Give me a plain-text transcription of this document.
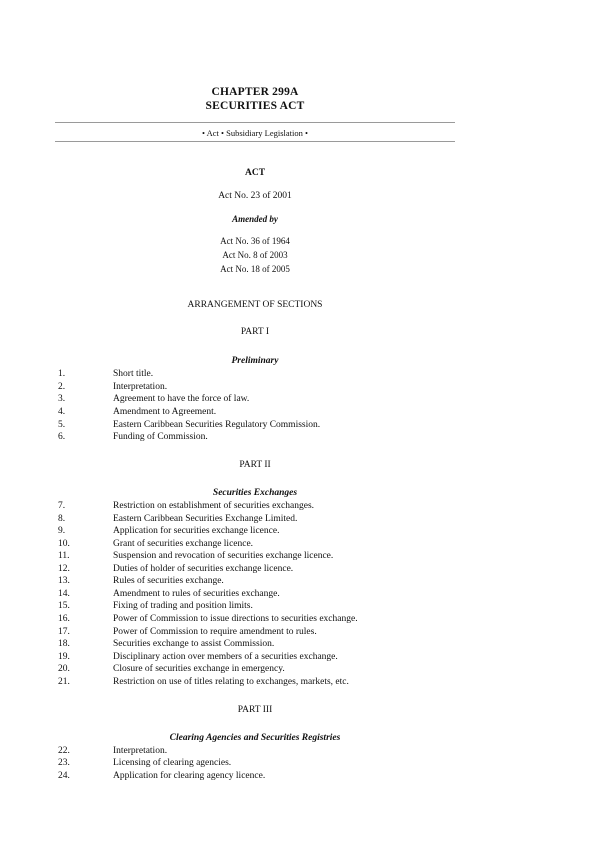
CHAPTER 299A
SECURITIES ACT
• Act • Subsidiary Legislation •
ACT
Act No. 23 of 2001
Amended by
Act No. 36 of 1964
Act No. 8 of 2003
Act No. 18 of 2005
ARRANGEMENT OF SECTIONS
PART I
Preliminary
1.	Short title.
2.	Interpretation.
3.	Agreement to have the force of law.
4.	Amendment to Agreement.
5.	Eastern Caribbean Securities Regulatory Commission.
6.	Funding of Commission.
PART II
Securities Exchanges
7.	Restriction on establishment of securities exchanges.
8.	Eastern Caribbean Securities Exchange Limited.
9.	Application for securities exchange licence.
10.	Grant of securities exchange licence.
11.	Suspension and revocation of securities exchange licence.
12.	Duties of holder of securities exchange licence.
13.	Rules of securities exchange.
14.	Amendment to rules of securities exchange.
15.	Fixing of trading and position limits.
16.	Power of Commission to issue directions to securities exchange.
17.	Power of Commission to require amendment to rules.
18.	Securities exchange to assist Commission.
19.	Disciplinary action over members of a securities exchange.
20.	Closure of securities exchange in emergency.
21.	Restriction on use of titles relating to exchanges, markets, etc.
PART III
Clearing Agencies and Securities Registries
22.	Interpretation.
23.	Licensing of clearing agencies.
24.	Application for clearing agency licence.
